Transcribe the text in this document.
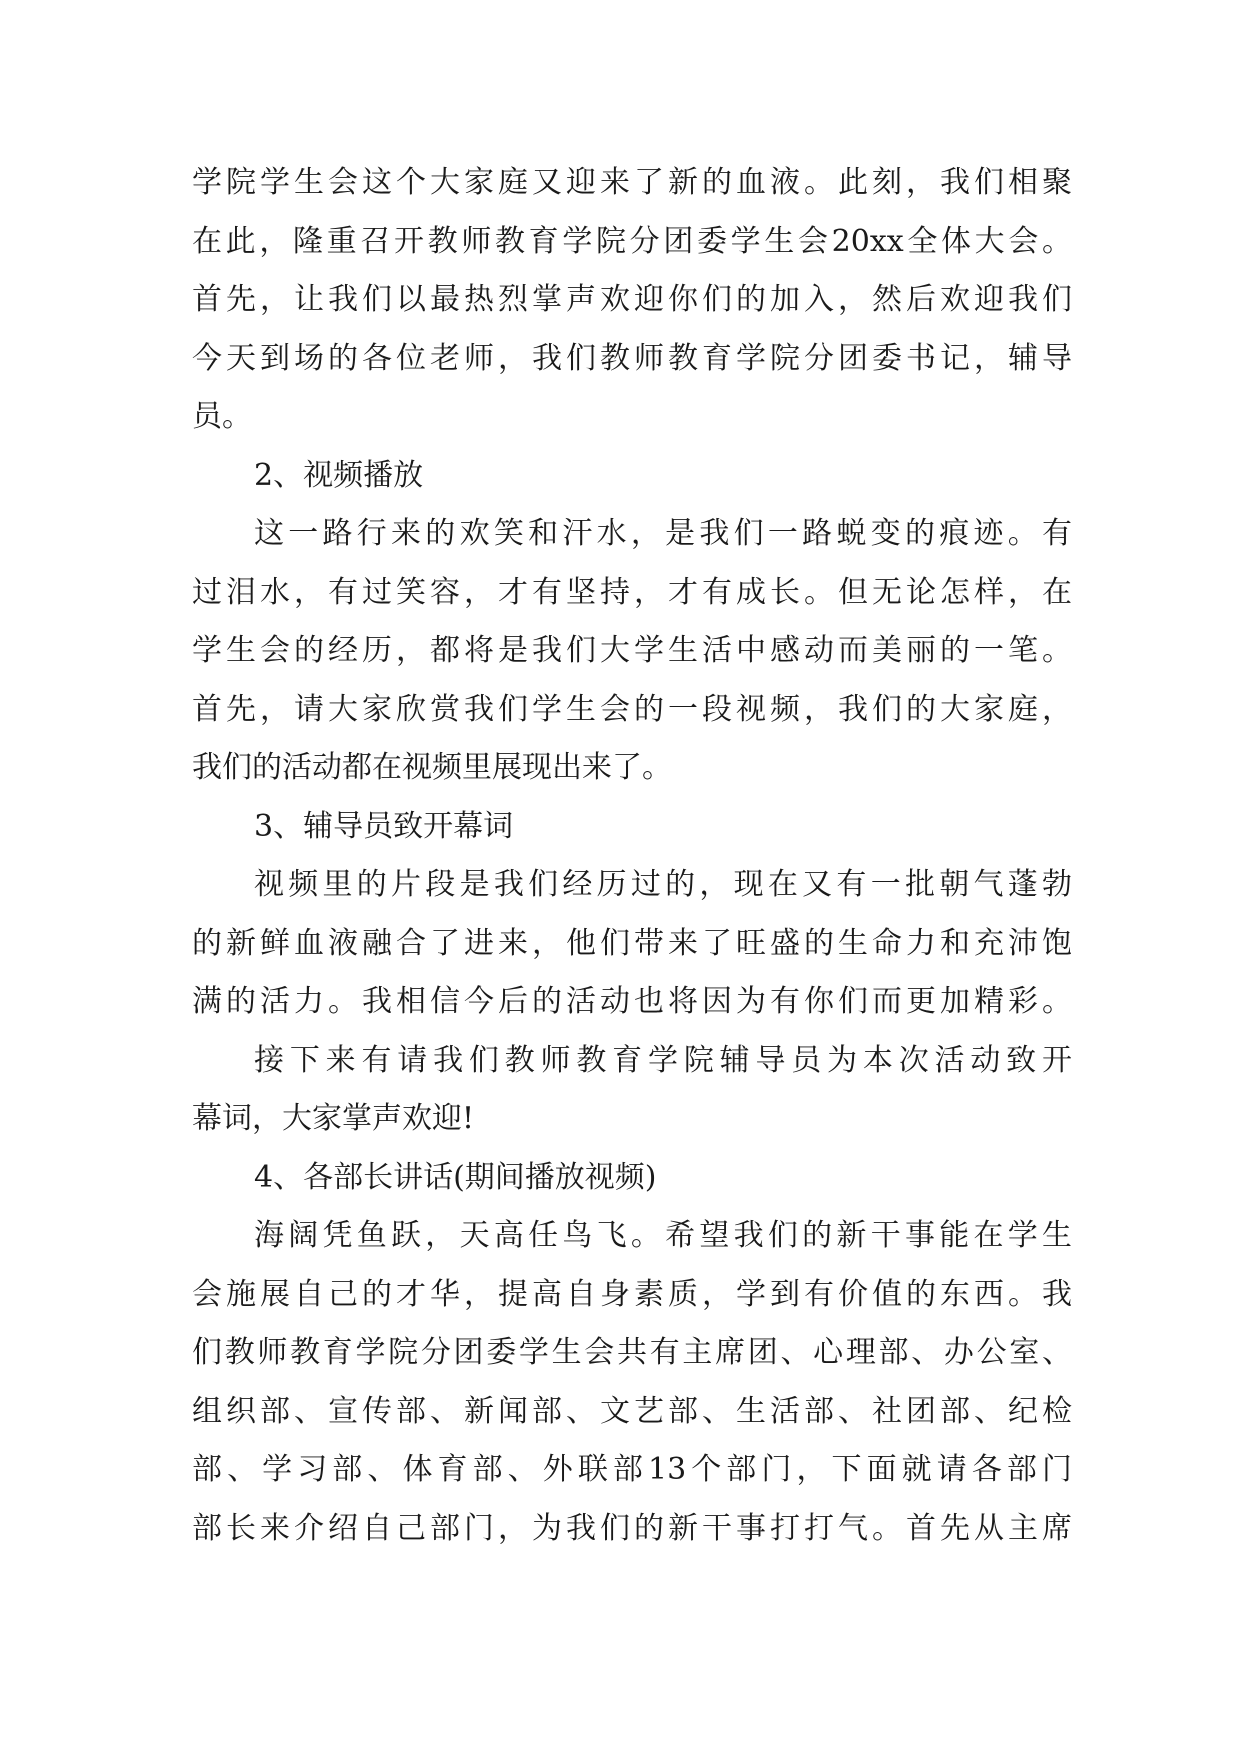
学院学生会这个大家庭又迎来了新的血液。此刻，我们相聚
在此，隆重召开教师教育学院分团委学生会20xx全体大会。
首先，让我们以最热烈掌声欢迎你们的加入，然后欢迎我们
今天到场的各位老师，我们教师教育学院分团委书记，辅导
员。
2、视频播放
这一路行来的欢笑和汗水，是我们一路蜕变的痕迹。有
过泪水，有过笑容，才有坚持，才有成长。但无论怎样，在
学生会的经历，都将是我们大学生活中感动而美丽的一笔。
首先，请大家欣赏我们学生会的一段视频，我们的大家庭，
我们的活动都在视频里展现出来了。
3、辅导员致开幕词
视频里的片段是我们经历过的，现在又有一批朝气蓬勃
的新鲜血液融合了进来，他们带来了旺盛的生命力和充沛饱
满的活力。我相信今后的活动也将因为有你们而更加精彩。
接下来有请我们教师教育学院辅导员为本次活动致开
幕词，大家掌声欢迎!
4、各部长讲话(期间播放视频)
海阔凭鱼跃，天高任鸟飞。希望我们的新干事能在学生
会施展自己的才华，提高自身素质，学到有价值的东西。我
们教师教育学院分团委学生会共有主席团、心理部、办公室、
组织部、宣传部、新闻部、文艺部、生活部、社团部、纪检
部、学习部、体育部、外联部13个部门，下面就请各部门
部长来介绍自己部门，为我们的新干事打打气。首先从主席
